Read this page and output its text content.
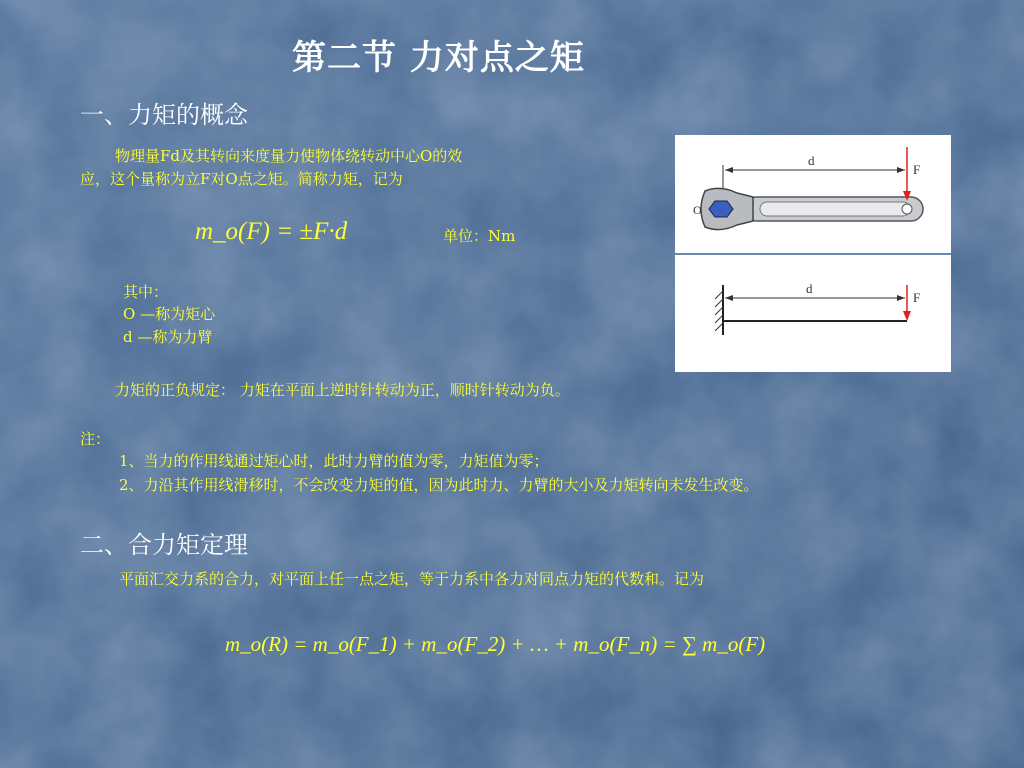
第二节 力对点之矩
一、力矩的概念
物理量Fd及其转向来度量力使物体绕转动中心O的效
应，这个量称为立F对O点之矩。简称力矩，记为
m_o(F) = ±F·d	单位：Nm
其中：
O —称为矩心
d —称为力臂
力矩的正负规定： 力矩在平面上逆时针转动为正，顺时针转动为负。
注：
1、当力的作用线通过矩心时，此时力臂的值为零，力矩值为零；
2、力沿其作用线滑移时，不会改变力矩的值，因为此时力、力臂的大小及力矩转向未发生改变。
二、合力矩定理
平面汇交力系的合力，对平面上任一点之矩，等于力系中各力对同点力矩的代数和。记为
m_o(R) = m_o(F_1) + m_o(F_2) + … + m_o(F_n) = ∑ m_o(F)
d
O
F
d
F
